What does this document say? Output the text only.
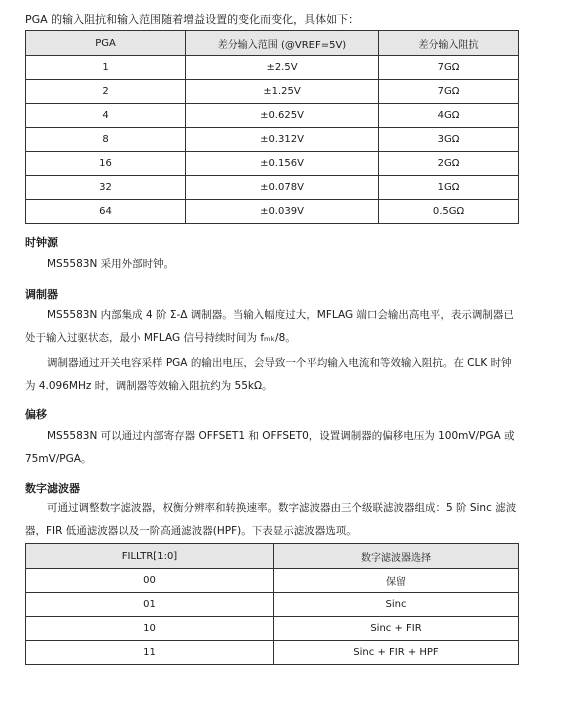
PGA 的输入阻抗和输入范围随着增益设置的变化而变化，具体如下：
PGA	差分输入范围 (@VREF=5V)	差分输入阻抗
1	±2.5V	7GΩ
2	±1.25V	7GΩ
4	±0.625V	4GΩ
8	±0.312V	3GΩ
16	±0.156V	2GΩ
32	±0.078V	1GΩ
64	±0.039V	0.5GΩ
时钟源
MS5583N 采用外部时钟。
调制器
MS5583N 内部集成 4 阶 Σ-Δ 调制器。当输入幅度过大，MFLAG 端口会输出高电平，表示调制器已处于输入过驱状态，最小 MFLAG 信号持续时间为 fₘₖ/8。
调制器通过开关电容采样 PGA 的输出电压，会导致一个平均输入电流和等效输入阻抗。在 CLK 时钟为 4.096MHz 时，调制器等效输入阻抗约为 55kΩ。
偏移
MS5583N 可以通过内部寄存器 OFFSET1 和 OFFSET0，设置调制器的偏移电压为 100mV/PGA 或 75mV/PGA。
数字滤波器
可通过调整数字滤波器，权衡分辨率和转换速率。数字滤波器由三个级联滤波器组成：5 阶 Sinc 滤波器，FIR 低通滤波器以及一阶高通滤波器(HPF)。下表显示滤波器选项。
FILLTR[1:0]	数字滤波器选择
00	保留
01	Sinc
10	Sinc + FIR
11	Sinc + FIR + HPF
